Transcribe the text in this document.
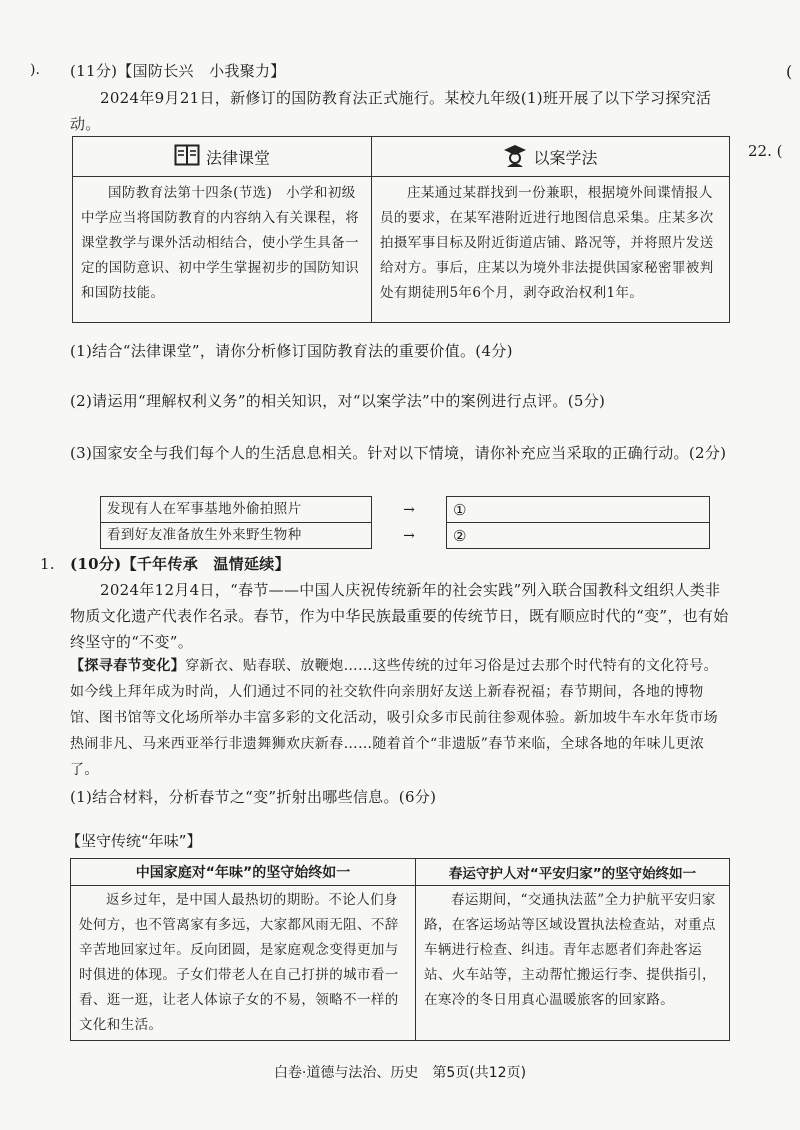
).	(
22. (
(11分)【国防长兴　小我聚力】
2024年9月21日，新修订的国防教育法正式施行。某校九年级(1)班开展了以下学习探究活动。
法律课堂	以案学法

国防教育法第十四条(节选)　小学和初级中学应当将国防教育的内容纳入有关课程，将课堂教学与课外活动相结合，使小学生具备一定的国防意识、初中学生掌握初步的国防知识和国防技能。	庄某通过某群找到一份兼职，根据境外间谍情报人员的要求，在某军港附近进行地图信息采集。庄某多次拍摄军事目标及附近街道店铺、路况等，并将照片发送给对方。事后，庄某以为境外非法提供国家秘密罪被判处有期徒刑5年6个月，剥夺政治权利1年。
(1)结合“法律课堂”，请你分析修订国防教育法的重要价值。(4分)
(2)请运用“理解权利义务”的相关知识，对“以案学法”中的案例进行点评。(5分)
(3)国家安全与我们每个人的生活息息相关。针对以下情境，请你补充应当采取的正确行动。(2分)
发现有人在军事基地外偷拍照片	→	①
看到好友准备放生外来野生物种	→	②
1. (10分)【千年传承　温情延续】
2024年12月4日，“春节——中国人庆祝传统新年的社会实践”列入联合国教科文组织人类非物质文化遗产代表作名录。春节，作为中华民族最重要的传统节日，既有顺应时代的“变”，也有始终坚守的“不变”。
【探寻春节变化】穿新衣、贴春联、放鞭炮……这些传统的过年习俗是过去那个时代特有的文化符号。如今线上拜年成为时尚，人们通过不同的社交软件向亲朋好友送上新春祝福；春节期间，各地的博物馆、图书馆等文化场所举办丰富多彩的文化活动，吸引众多市民前往参观体验。新加坡牛车水年货市场热闹非凡、马来西亚举行非遗舞狮欢庆新春……随着首个“非遗版”春节来临，全球各地的年味儿更浓了。
(1)结合材料，分析春节之“变”折射出哪些信息。(6分)
【坚守传统“年味”】
中国家庭对“年味”的坚守始终如一	春运守护人对“平安归家”的坚守始终如一

返乡过年，是中国人最热切的期盼。不论人们身处何方，也不管离家有多远，大家都风雨无阻、不辞辛苦地回家过年。反向团圆，是家庭观念变得更加与时俱进的体现。子女们带老人在自己打拼的城市看一看、逛一逛，让老人体谅子女的不易，领略不一样的文化和生活。	春运期间，“交通执法蓝”全力护航平安归家路，在客运场站等区域设置执法检查站，对重点车辆进行检查、纠违。青年志愿者们奔赴客运站、火车站等，主动帮忙搬运行李、提供指引，在寒冷的冬日用真心温暖旅客的回家路。
白卷·道德与法治、历史　第5页(共12页)
